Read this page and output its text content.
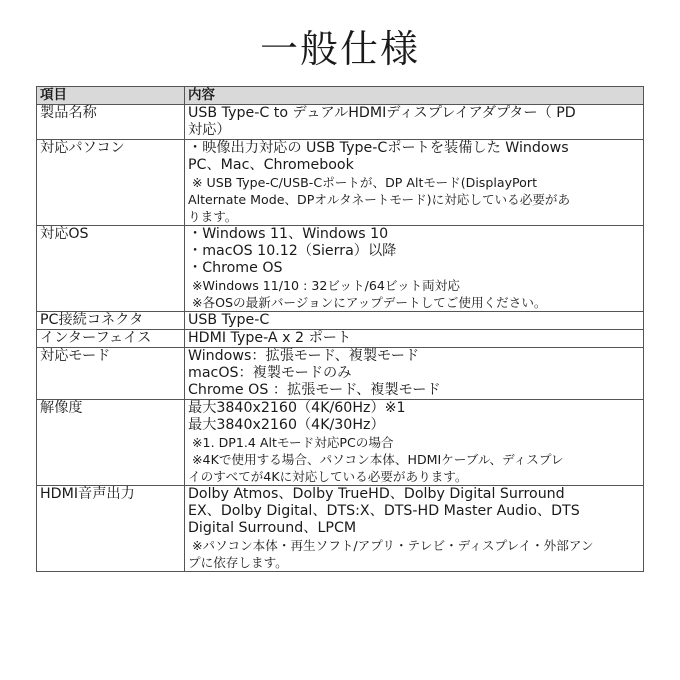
一般仕様
項目	内容
製品名称	USB Type-C to デュアルHDMIディスプレイアダプター（ PD
対応）

対応パソコン	・映像出力対応の USB Type-Cポートを装備した Windows
PC、Mac、Chromebook
※ USB Type-C/USB-Cポートが、DP Altモード(DisplayPort
Alternate Mode、DPオルタネートモード)に対応している必要があ
ります。

対応OS	・Windows 11、Windows 10
・macOS 10.12（Sierra）以降
・Chrome OS
※Windows 11/10 : 32ビット/64ビット両対応
※各OSの最新バージョンにアップデートしてご使用ください。

PC接続コネクタ	USB Type-C

インターフェイス	HDMI Type-A x 2 ポート

対応モード	Windows：拡張モード、複製モード
macOS：複製モードのみ
Chrome OS ：拡張モード、複製モード

解像度	最大3840x2160（4K/60Hz）※1
最大3840x2160（4K/30Hz）
※1. DP1.4 Altモード対応PCの場合
※4Kで使用する場合、パソコン本体、HDMIケーブル、ディスプレ
イのすべてが4Kに対応している必要があります。

HDMI音声出力	Dolby Atmos、Dolby TrueHD、Dolby Digital Surround
EX、Dolby Digital、DTS:X、DTS-HD Master Audio、DTS
Digital Surround、LPCM
※パソコン本体・再生ソフト/アプリ・テレビ・ディスプレイ・外部アン
プに依存します。
